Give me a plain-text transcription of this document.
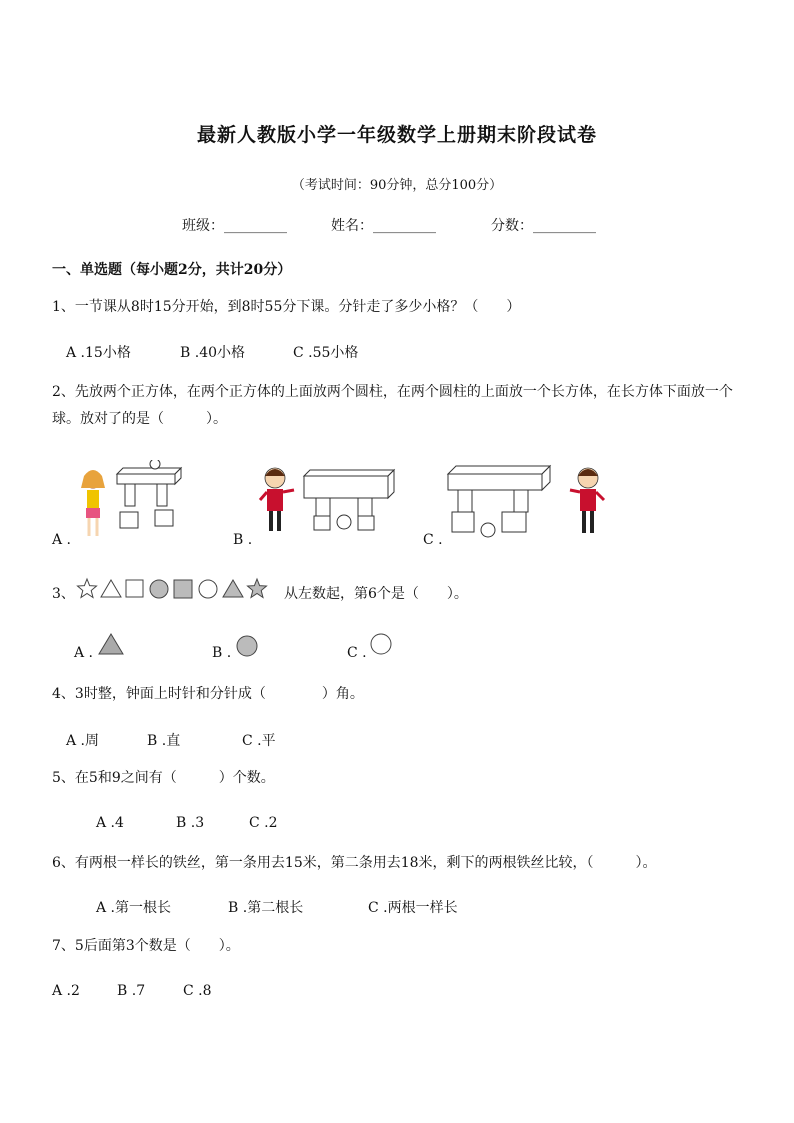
最新人教版小学一年级数学上册期末阶段试卷
（考试时间：90分钟，总分100分）
班级：_________	姓名：_________	分数：_________
一、单选题（每小题2分，共计20分）
1、一节课从8时15分开始，到8时55分下课。分针走了多少小格？（　　）
A .15小格	B .40小格	C .55小格
2、先放两个正方体，在两个正方体的上面放两个圆柱，在两个圆柱的上面放一个长方体，在长方体下面放一个球。放对了的是（　　　）。
A .	B .	C .
3、	从左数起，第6个是（　　）。
A .	B .	C .
4、3时整，钟面上时针和分针成（　　　　）角。
A .周	B .直	C .平
5、在5和9之间有（　　　）个数。
A .4	B .3	C .2
6、有两根一样长的铁丝，第一条用去15米，第二条用去18米，剩下的两根铁丝比较，（　　　）。
A .第一根长	B .第二根长	C .两根一样长
7、5后面第3个数是（　　）。
A .2	B .7	C .8
